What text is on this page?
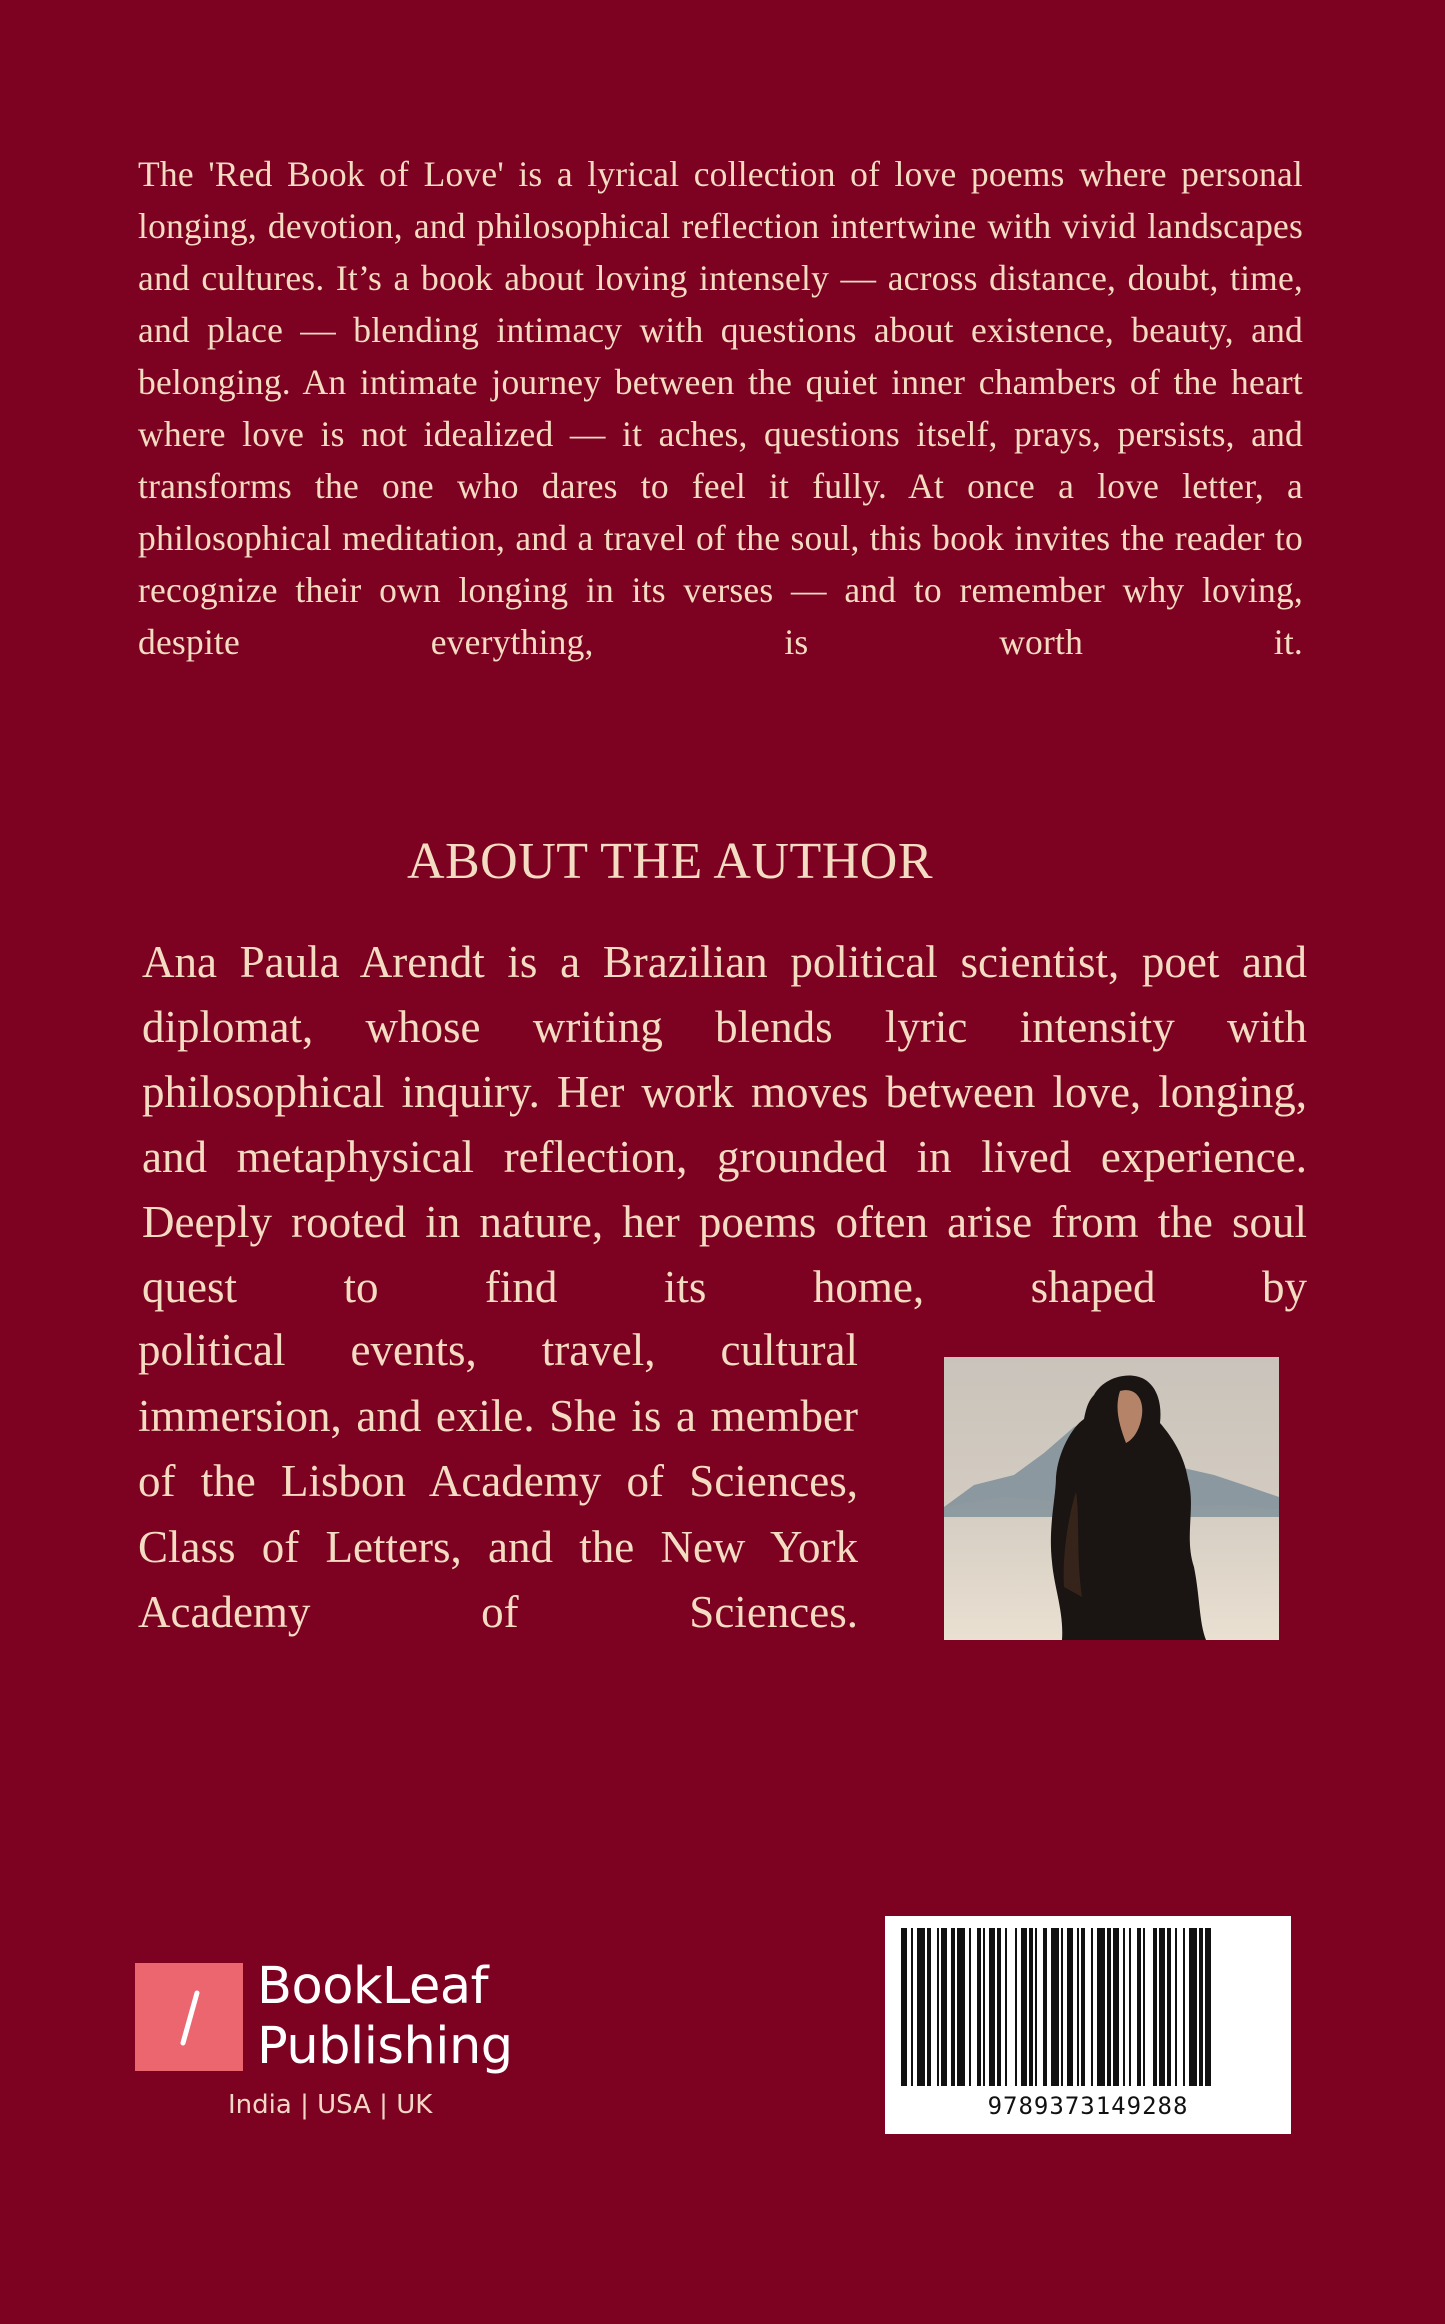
The 'Red Book of Love' is a lyrical collection of love poems where personal longing, devotion, and philosophical reflection intertwine with vivid landscapes and cultures. It’s a book about loving intensely — across distance, doubt, time, and place — blending intimacy with questions about existence, beauty, and belonging. An intimate journey between the quiet inner chambers of the heart where love is not idealized — it aches, questions itself, prays, persists, and transforms the one who dares to feel it fully. At once a love letter, a philosophical meditation, and a travel of the soul, this book invites the reader to recognize their own longing in its verses — and to remember why loving, despite everything, is worth it.

ABOUT THE AUTHOR

Ana Paula Arendt is a Brazilian political scientist, poet and diplomat, whose writing blends lyric intensity with philosophical inquiry. Her work moves between love, longing, and metaphysical reflection, grounded in lived experience. Deeply rooted in nature, her poems often arise from the soul quest to find its home, shaped by

political events, travel, cultural immersion, and exile. She is a member of the Lisbon Academy of Sciences, Class of Letters, and the New York Academy of Sciences.

BookLeaf
Publishing
India | USA | UK	9789373149288
